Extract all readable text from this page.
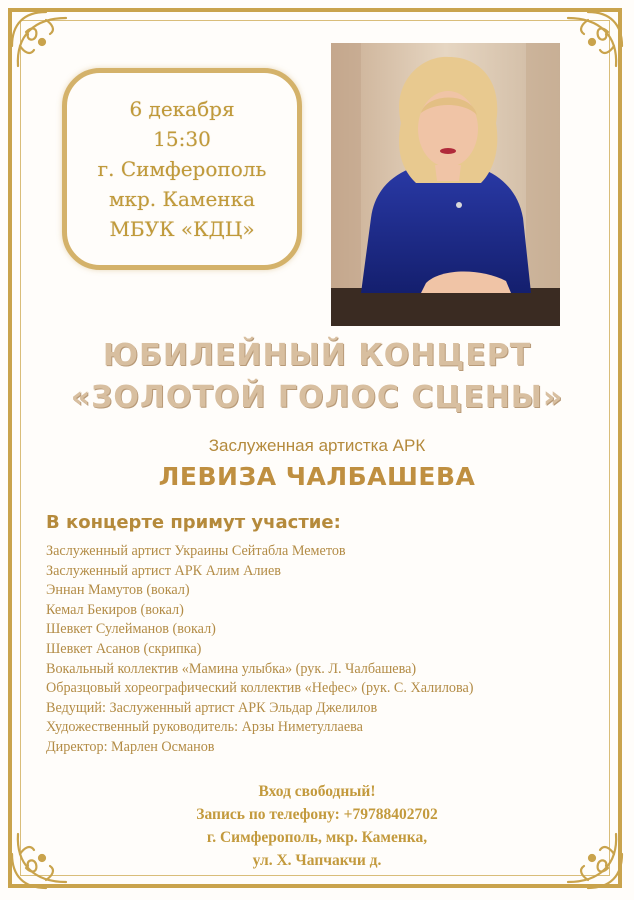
6 декабря
15:30
г. Симферополь
мкр. Каменка
МБУК «КДЦ»
ЮБИЛЕЙНЫЙ КОНЦЕРТ
«ЗОЛОТОЙ ГОЛОС СЦЕНЫ»
Заслуженная артистка АРК
ЛЕВИЗА ЧАЛБАШЕВА
В концерте примут участие:
Заслуженный артист Украины Сейтабла Меметов
Заслуженный артист АРК Алим Алиев
Эннан Мамутов (вокал)
Кемал Бекиров (вокал)
Шевкет Сулейманов (вокал)
Шевкет Асанов (скрипка)
Вокальный коллектив «Мамина улыбка» (рук. Л. Чалбашева)
Образцовый хореографический коллектив «Нефес» (рук. С. Халилова)
Ведущий: Заслуженный артист АРК Эльдар Джелилов
Художественный руководитель: Арзы Ниметуллаева
Директор: Марлен Османов
Вход свободный!
Запись по телефону: +79788402702
г. Симферополь, мкр. Каменка,
ул. Х. Чапчакчи д.
